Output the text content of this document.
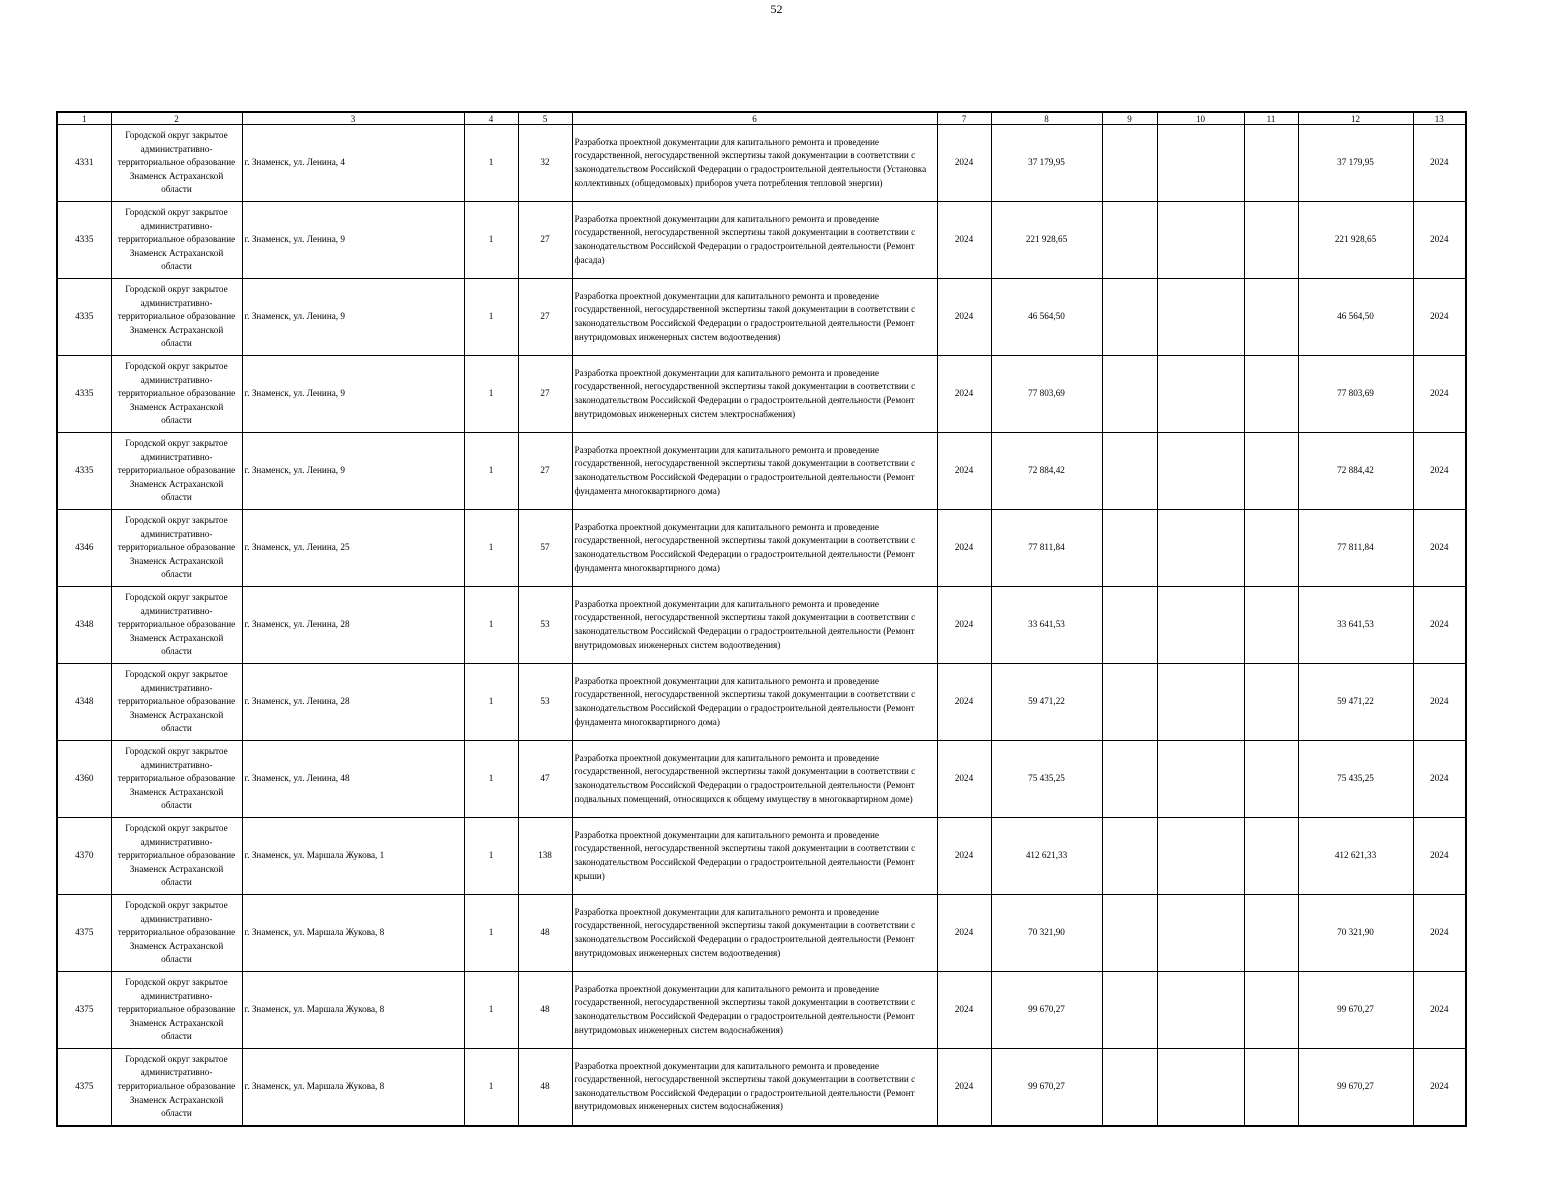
52
1	2	3	4	5	6	7	8	9	10	11	12	13
4331	Городской округ закрытое административно-территориальное образование Знаменск Астраханской области	г. Знаменск, ул. Ленина, 4	1	32	Разработка проектной документации для капитального ремонта и проведение государственной, негосударственной экспертизы такой документации в соответствии с законодательством Российской Федерации о градостроительной деятельности (Установка коллективных (общедомовых) приборов учета потребления тепловой энергии)	2024	37 179,95				37 179,95	2024
4335	Городской округ закрытое административно-территориальное образование Знаменск Астраханской области	г. Знаменск, ул. Ленина, 9	1	27	Разработка проектной документации для капитального ремонта и проведение государственной, негосударственной экспертизы такой документации в соответствии с законодательством Российской Федерации о градостроительной деятельности (Ремонт фасада)	2024	221 928,65				221 928,65	2024
4335	Городской округ закрытое административно-территориальное образование Знаменск Астраханской области	г. Знаменск, ул. Ленина, 9	1	27	Разработка проектной документации для капитального ремонта и проведение государственной, негосударственной экспертизы такой документации в соответствии с законодательством Российской Федерации о градостроительной деятельности (Ремонт внутридомовых инженерных систем водоотведения)	2024	46 564,50				46 564,50	2024
4335	Городской округ закрытое административно-территориальное образование Знаменск Астраханской области	г. Знаменск, ул. Ленина, 9	1	27	Разработка проектной документации для капитального ремонта и проведение государственной, негосударственной экспертизы такой документации в соответствии с законодательством Российской Федерации о градостроительной деятельности (Ремонт внутридомовых инженерных систем электроснабжения)	2024	77 803,69				77 803,69	2024
4335	Городской округ закрытое административно-территориальное образование Знаменск Астраханской области	г. Знаменск, ул. Ленина, 9	1	27	Разработка проектной документации для капитального ремонта и проведение государственной, негосударственной экспертизы такой документации в соответствии с законодательством Российской Федерации о градостроительной деятельности (Ремонт фундамента многоквартирного дома)	2024	72 884,42				72 884,42	2024
4346	Городской округ закрытое административно-территориальное образование Знаменск Астраханской области	г. Знаменск, ул. Ленина, 25	1	57	Разработка проектной документации для капитального ремонта и проведение государственной, негосударственной экспертизы такой документации в соответствии с законодательством Российской Федерации о градостроительной деятельности (Ремонт фундамента многоквартирного дома)	2024	77 811,84				77 811,84	2024
4348	Городской округ закрытое административно-территориальное образование Знаменск Астраханской области	г. Знаменск, ул. Ленина, 28	1	53	Разработка проектной документации для капитального ремонта и проведение государственной, негосударственной экспертизы такой документации в соответствии с законодательством Российской Федерации о градостроительной деятельности (Ремонт внутридомовых инженерных систем водоотведения)	2024	33 641,53				33 641,53	2024
4348	Городской округ закрытое административно-территориальное образование Знаменск Астраханской области	г. Знаменск, ул. Ленина, 28	1	53	Разработка проектной документации для капитального ремонта и проведение государственной, негосударственной экспертизы такой документации в соответствии с законодательством Российской Федерации о градостроительной деятельности (Ремонт фундамента многоквартирного дома)	2024	59 471,22				59 471,22	2024
4360	Городской округ закрытое административно-территориальное образование Знаменск Астраханской области	г. Знаменск, ул. Ленина, 48	1	47	Разработка проектной документации для капитального ремонта и проведение государственной, негосударственной экспертизы такой документации в соответствии с законодательством Российской Федерации о градостроительной деятельности (Ремонт подвальных помещений, относящихся к общему имуществу в многоквартирном доме)	2024	75 435,25				75 435,25	2024
4370	Городской округ закрытое административно-территориальное образование Знаменск Астраханской области	г. Знаменск, ул. Маршала Жукова, 1	1	138	Разработка проектной документации для капитального ремонта и проведение государственной, негосударственной экспертизы такой документации в соответствии с законодательством Российской Федерации о градостроительной деятельности (Ремонт крыши)	2024	412 621,33				412 621,33	2024
4375	Городской округ закрытое административно-территориальное образование Знаменск Астраханской области	г. Знаменск, ул. Маршала Жукова, 8	1	48	Разработка проектной документации для капитального ремонта и проведение государственной, негосударственной экспертизы такой документации в соответствии с законодательством Российской Федерации о градостроительной деятельности (Ремонт внутридомовых инженерных систем водоотведения)	2024	70 321,90				70 321,90	2024
4375	Городской округ закрытое административно-территориальное образование Знаменск Астраханской области	г. Знаменск, ул. Маршала Жукова, 8	1	48	Разработка проектной документации для капитального ремонта и проведение государственной, негосударственной экспертизы такой документации в соответствии с законодательством Российской Федерации о градостроительной деятельности (Ремонт внутридомовых инженерных систем водоснабжения)	2024	99 670,27				99 670,27	2024
4375	Городской округ закрытое административно-территориальное образование Знаменск Астраханской области	г. Знаменск, ул. Маршала Жукова, 8	1	48	Разработка проектной документации для капитального ремонта и проведение государственной, негосударственной экспертизы такой документации в соответствии с законодательством Российской Федерации о градостроительной деятельности (Ремонт внутридомовых инженерных систем водоснабжения)	2024	99 670,27				99 670,27	2024
